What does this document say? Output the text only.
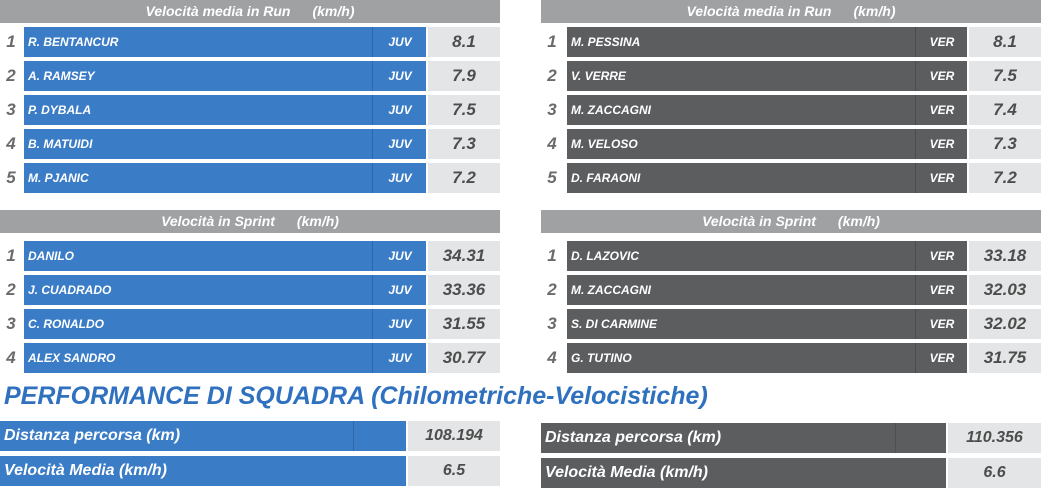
Velocità media in Run (km/h)
1	R. BENTANCUR	JUV	8.1
2	A. RAMSEY	JUV	7.9
3	P. DYBALA	JUV	7.5
4	B. MATUIDI	JUV	7.3
5	M. PJANIC	JUV	7.2
Velocità media in Run (km/h)
1	M. PESSINA	VER	8.1
2	V. VERRE	VER	7.5
3	M. ZACCAGNI	VER	7.4
4	M. VELOSO	VER	7.3
5	D. FARAONI	VER	7.2
Velocità in Sprint (km/h)
1	DANILO	JUV	34.31
2	J. CUADRADO	JUV	33.36
3	C. RONALDO	JUV	31.55
4	ALEX SANDRO	JUV	30.77
Velocità in Sprint (km/h)
1	D. LAZOVIC	VER	33.18
2	M. ZACCAGNI	VER	32.03
3	S. DI CARMINE	VER	32.02
4	G. TUTINO	VER	31.75
PERFORMANCE DI SQUADRA (Chilometriche-Velocistiche)
Distanza percorsa (km)	108.194
Velocità Media (km/h)	6.5
Distanza percorsa (km)	110.356
Velocità Media (km/h)	6.6
